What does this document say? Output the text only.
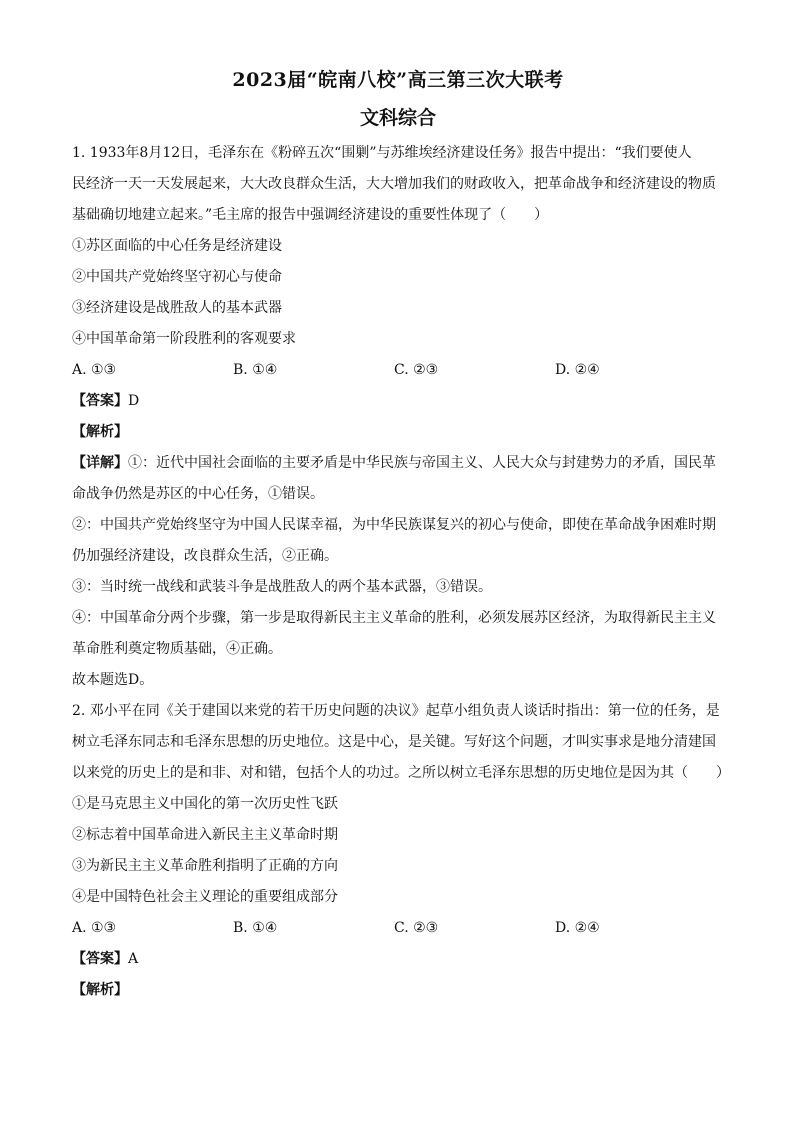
2023届“皖南八校”高三第三次大联考
文科综合

1. 1933年8月12日，毛泽东在《粉碎五次“围剿”与苏维埃经济建设任务》报告中提出：“我们要使人

民经济一天一天发展起来，大大改良群众生活，大大增加我们的财政收入，把革命战争和经济建设的物质

基础确切地建立起来。”毛主席的报告中强调经济建设的重要性体现了（　　）

①苏区面临的中心任务是经济建设

②中国共产党始终坚守初心与使命

③经济建设是战胜敌人的基本武器

④中国革命第一阶段胜利的客观要求

A. ①③	B. ①④	C. ②③	D. ②④

【答案】D

【解析】

【详解】①：近代中国社会面临的主要矛盾是中华民族与帝国主义、人民大众与封建势力的矛盾，国民革

命战争仍然是苏区的中心任务，①错误。

②：中国共产党始终坚守为中国人民谋幸福，为中华民族谋复兴的初心与使命，即使在革命战争困难时期

仍加强经济建设，改良群众生活，②正确。

③：当时统一战线和武装斗争是战胜敌人的两个基本武器，③错误。

④：中国革命分两个步骤，第一步是取得新民主主义革命的胜利，必须发展苏区经济，为取得新民主主义

革命胜利奠定物质基础，④正确。

故本题选D。

2. 邓小平在同《关于建国以来党的若干历史问题的决议》起草小组负责人谈话时指出：第一位的任务，是

树立毛泽东同志和毛泽东思想的历史地位。这是中心，是关键。写好这个问题，才叫实事求是地分清建国

以来党的历史上的是和非、对和错，包括个人的功过。之所以树立毛泽东思想的历史地位是因为其（　　）

①是马克思主义中国化的第一次历史性飞跃

②标志着中国革命进入新民主主义革命时期

③为新民主主义革命胜利指明了正确的方向

④是中国特色社会主义理论的重要组成部分

A. ①③	B. ①④	C. ②③	D. ②④

【答案】A

【解析】
